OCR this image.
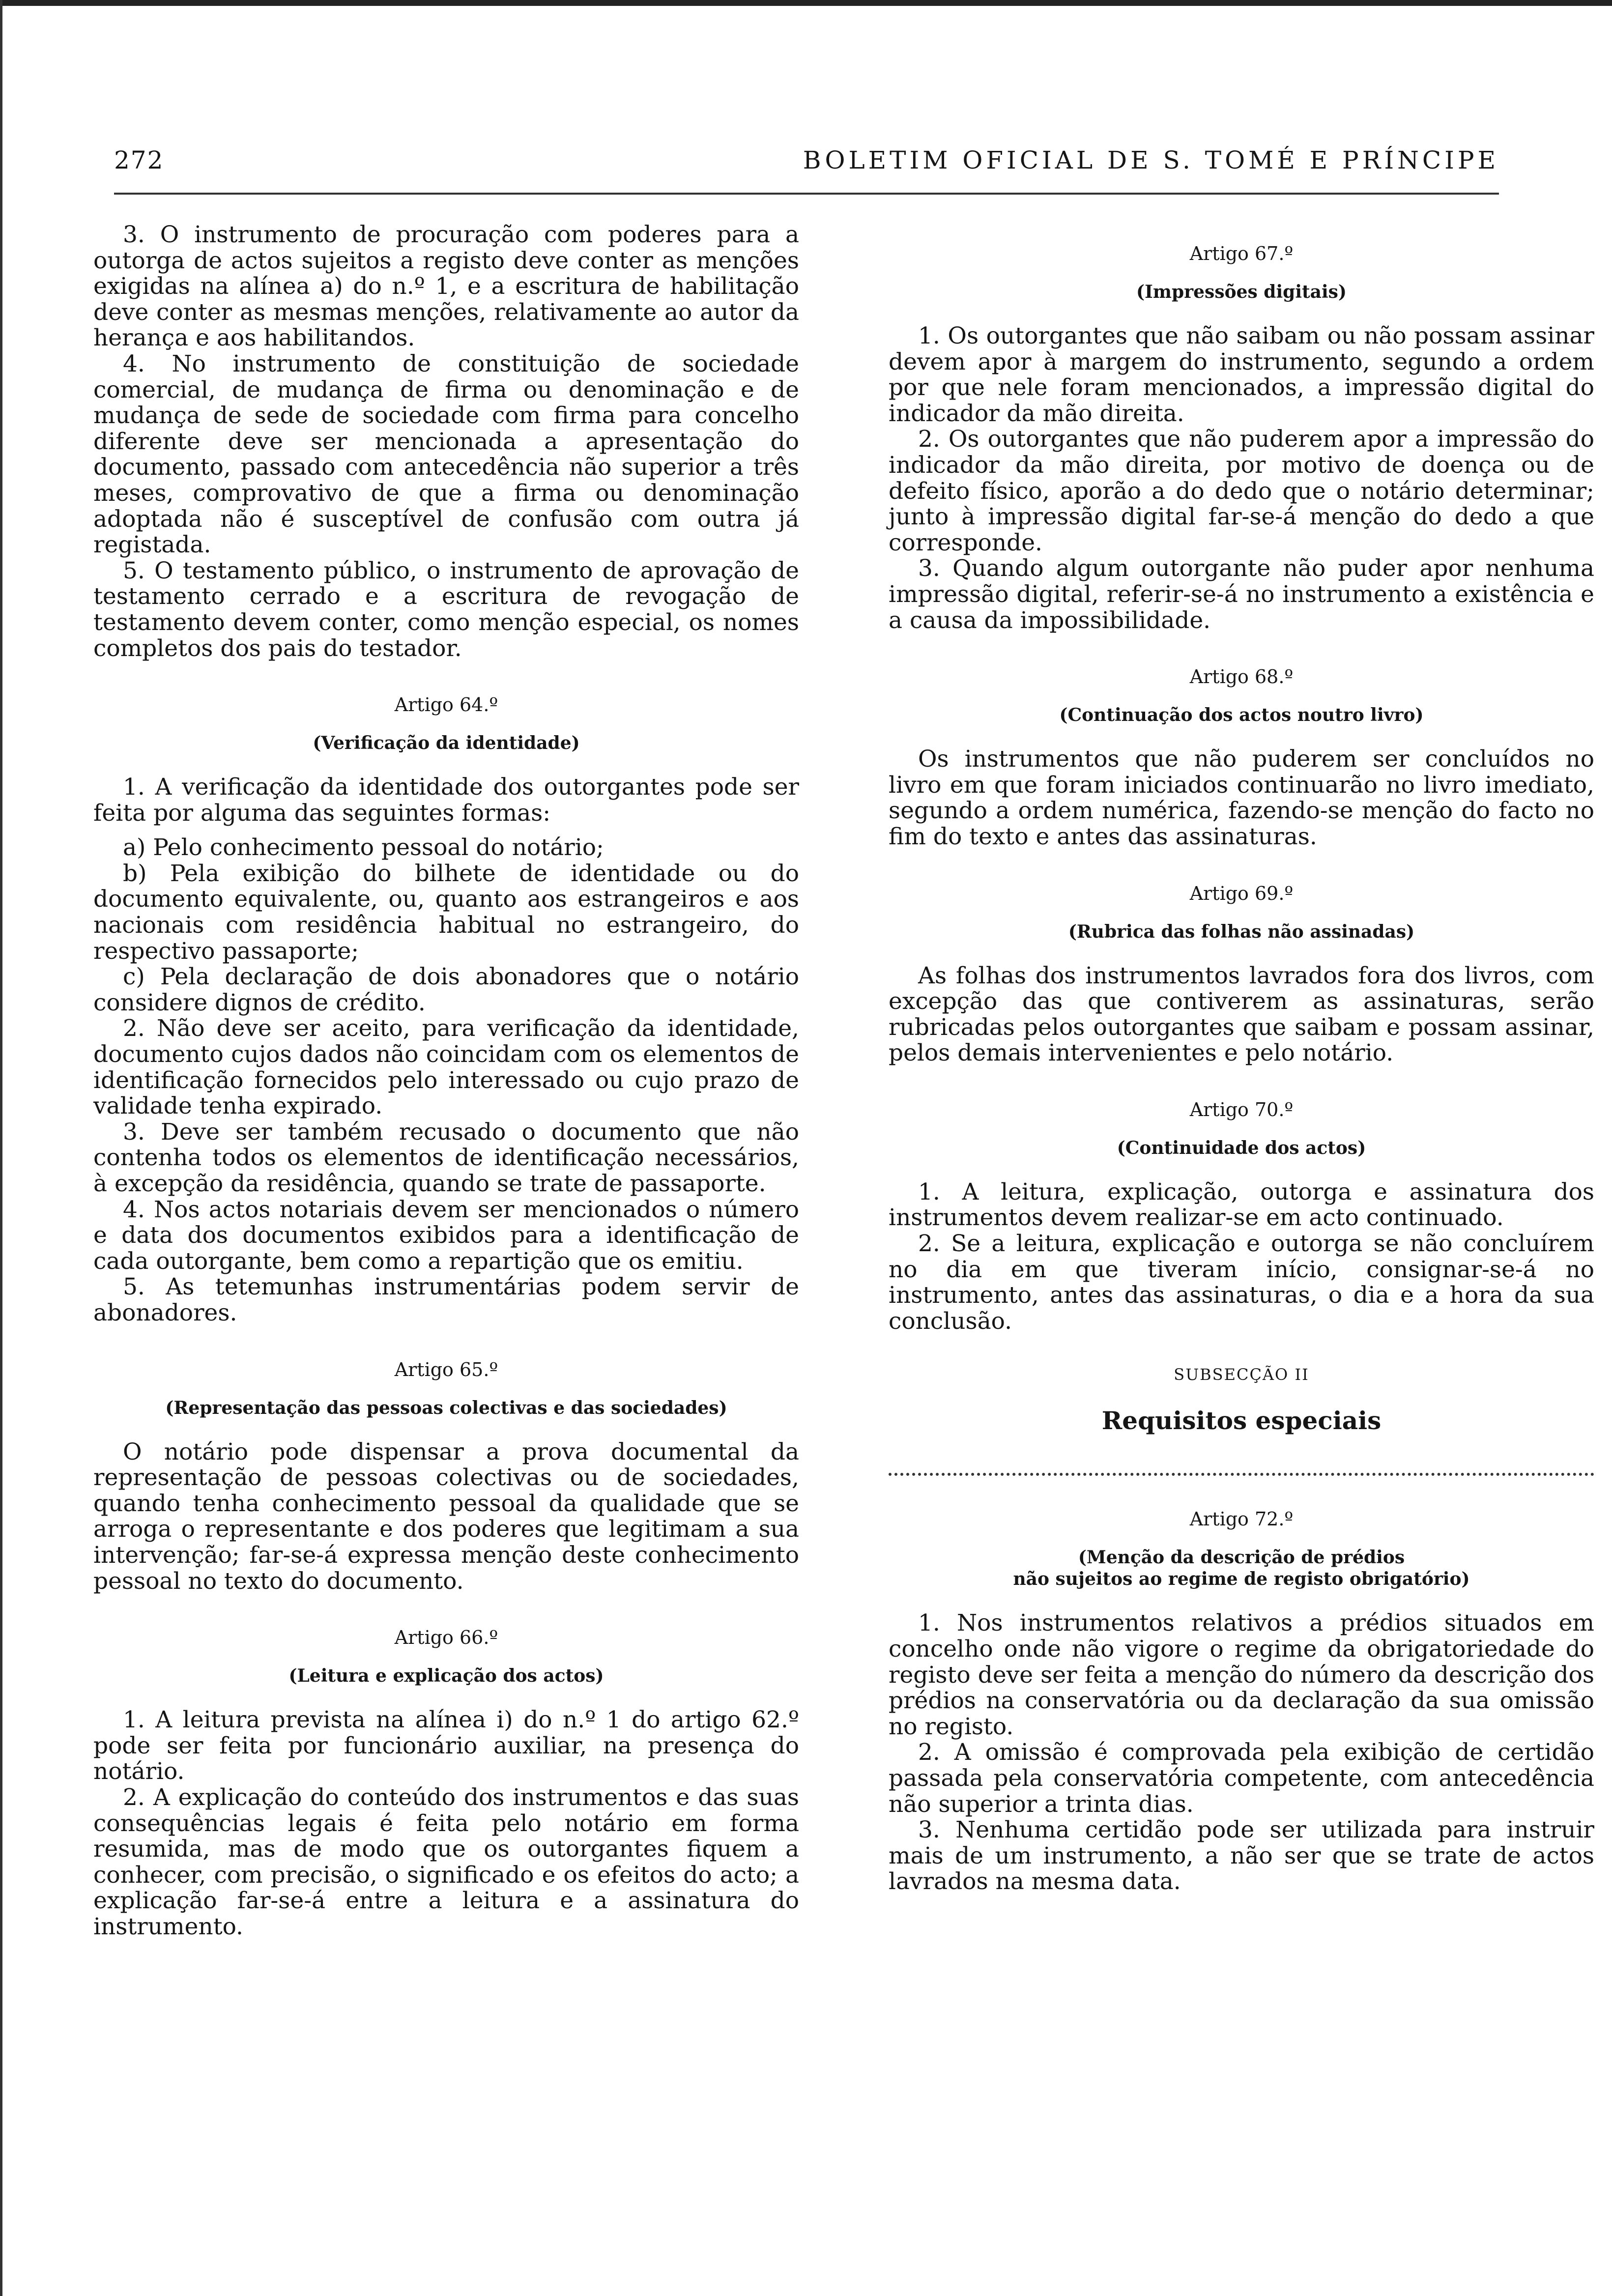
272	BOLETIM OFICIAL DE S. TOMÉ E PRÍNCIPE

3. O instrumento de procuração com poderes para a outorga de actos sujeitos a registo deve conter as menções exigidas na alínea a) do n.º 1, e a escritura de habilitação deve conter as mesmas menções, relativamente ao autor da herança e aos habilitandos.

4. No instrumento de constituição de sociedade comercial, de mudança de firma ou denominação e de mudança de sede de sociedade com firma para concelho diferente deve ser mencionada a apresentação do documento, passado com antecedência não superior a três meses, comprovativo de que a firma ou denominação adoptada não é susceptível de confusão com outra já registada.

5. O testamento público, o instrumento de aprovação de testamento cerrado e a escritura de revogação de testamento devem conter, como menção especial, os nomes completos dos pais do testador.

Artigo 64.º
(Verificação da identidade)

1. A verificação da identidade dos outorgantes pode ser feita por alguma das seguintes formas:

a) Pelo conhecimento pessoal do notário;

b) Pela exibição do bilhete de identidade ou do documento equivalente, ou, quanto aos estrangeiros e aos nacionais com residência habitual no estrangeiro, do respectivo passaporte;

c) Pela declaração de dois abonadores que o notário considere dignos de crédito.

2. Não deve ser aceito, para verificação da identidade, documento cujos dados não coincidam com os elementos de identificação fornecidos pelo interessado ou cujo prazo de validade tenha expirado.

3. Deve ser também recusado o documento que não contenha todos os elementos de identificação necessários, à excepção da residência, quando se trate de passaporte.

4. Nos actos notariais devem ser mencionados o número e data dos documentos exibidos para a identificação de cada outorgante, bem como a repartição que os emitiu.

5. As tetemunhas instrumentárias podem servir de abonadores.

Artigo 65.º
(Representação das pessoas colectivas e das sociedades)

O notário pode dispensar a prova documental da representação de pessoas colectivas ou de sociedades, quando tenha conhecimento pessoal da qualidade que se arroga o representante e dos poderes que legitimam a sua intervenção; far-se-á expressa menção deste conhecimento pessoal no texto do documento.

Artigo 66.º
(Leitura e explicação dos actos)

1. A leitura prevista na alínea i) do n.º 1 do artigo 62.º pode ser feita por funcionário auxiliar, na presença do notário.

2. A explicação do conteúdo dos instrumentos e das suas consequências legais é feita pelo notário em forma resumida, mas de modo que os outorgantes fiquem a conhecer, com precisão, o significado e os efeitos do acto; a explicação far-se-á entre a leitura e a assinatura do instrumento.

Artigo 67.º
(Impressões digitais)

1. Os outorgantes que não saibam ou não possam assinar devem apor à margem do instrumento, segundo a ordem por que nele foram mencionados, a impressão digital do indicador da mão direita.

2. Os outorgantes que não puderem apor a impressão do indicador da mão direita, por motivo de doença ou de defeito físico, aporão a do dedo que o notário determinar; junto à impressão digital far-se-á menção do dedo a que corresponde.

3. Quando algum outorgante não puder apor nenhuma impressão digital, referir-se-á no instrumento a existência e a causa da impossibilidade.

Artigo 68.º
(Continuação dos actos noutro livro)

Os instrumentos que não puderem ser concluídos no livro em que foram iniciados continuarão no livro imediato, segundo a ordem numérica, fazendo-se menção do facto no fim do texto e antes das assinaturas.

Artigo 69.º
(Rubrica das folhas não assinadas)

As folhas dos instrumentos lavrados fora dos livros, com excepção das que contiverem as assinaturas, serão rubricadas pelos outorgantes que saibam e possam assinar, pelos demais intervenientes e pelo notário.

Artigo 70.º
(Continuidade dos actos)

1. A leitura, explicação, outorga e assinatura dos instrumentos devem realizar-se em acto continuado.

2. Se a leitura, explicação e outorga se não concluírem no dia em que tiveram início, consignar-se-á no instrumento, antes das assinaturas, o dia e a hora da sua conclusão.

SUBSECÇÃO II
Requisitos especiais
Artigo 72.º
(Menção da descrição de prédios
não sujeitos ao regime de registo obrigatório)

1. Nos instrumentos relativos a prédios situados em concelho onde não vigore o regime da obrigatoriedade do registo deve ser feita a menção do número da descrição dos prédios na conservatória ou da declaração da sua omissão no registo.

2. A omissão é comprovada pela exibição de certidão passada pela conservatória competente, com antecedência não superior a trinta dias.

3. Nenhuma certidão pode ser utilizada para instruir mais de um instrumento, a não ser que se trate de actos lavrados na mesma data.
